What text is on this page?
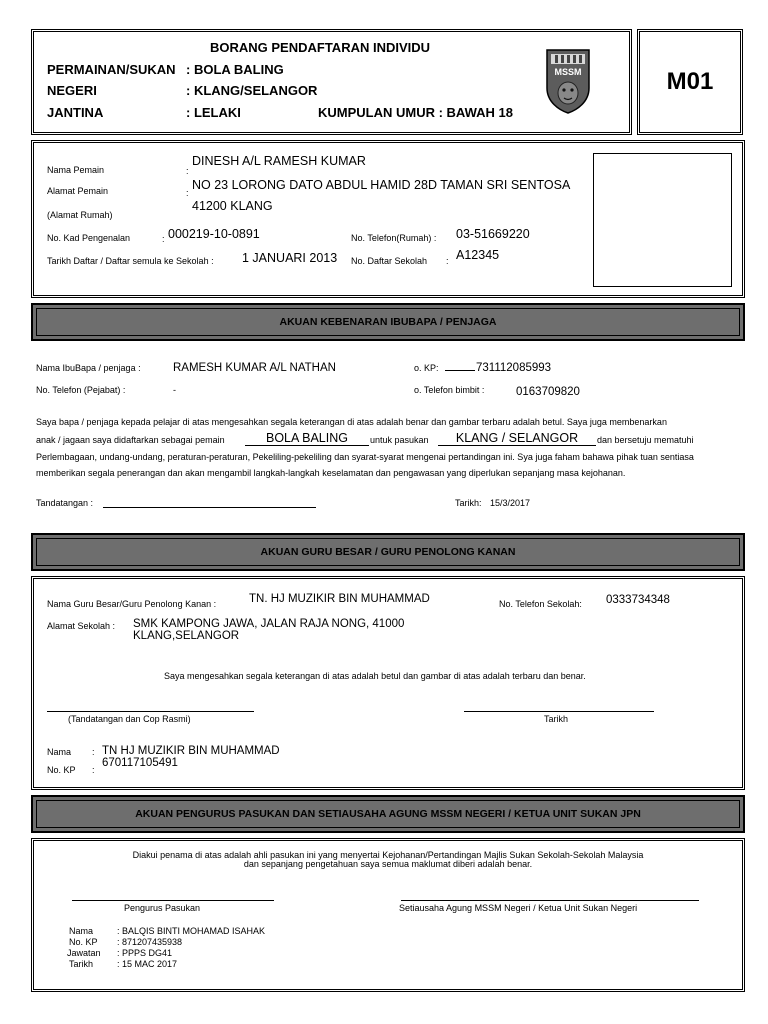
BORANG PENDAFTARAN INDIVIDU
PERMAINAN/SUKAN : BOLA BALING
NEGERI	: KLANG/SELANGOR
JANTINA	: LELAKI	KUMPULAN UMUR : BAWAH 18
MSSM	M01
Nama Pemain	:
DINESH A/L RAMESH KUMAR
Alamat Pemain	:
NO 23 LORONG DATO ABDUL HAMID 28D TAMAN SRI SENTOSA
41200 KLANG
(Alamat Rumah)
No. Kad Pengenalan	: 000219-10-0891	No. Telefon(Rumah) : 03-51669220
Tarikh Daftar / Daftar semula ke Sekolah : 1 JANUARI 2013 No. Daftar Sekolah : A12345
AKUAN KEBENARAN IBUBAPA / PENJAGA
Nama IbuBapa / penjaga :	RAMESH KUMAR A/L NATHAN	o. KP:	731112085993
No. Telefon (Pejabat) :	-	o. Telefon bimbit :	0163709820
Saya bapa / penjaga kepada pelajar di atas mengesahkan segala keterangan di atas adalah benar dan gambar terbaru adalah betul. Saya juga membenarkan
anak / jagaan saya didaftarkan sebagai pemain	BOLA BALING	untuk pasukan	KLANG / SELANGOR	dan bersetuju mematuhi
Perlembagaan, undang-undang, peraturan-peraturan, Pekeliling-pekeliling dan syarat-syarat mengenai pertandingan ini. Sya juga faham bahawa pihak tuan sentiasa
memberikan segala penerangan dan akan mengambil langkah-langkah keselamatan dan pengawasan yang diperlukan sepanjang masa kejohanan.
Tandatangan :	Tarikh: 15/3/2017
AKUAN GURU BESAR / GURU PENOLONG KANAN
Nama Guru Besar/Guru Penolong Kanan :	TN. HJ MUZIKIR BIN MUHAMMAD	No. Telefon Sekolah: 0333734348
Alamat Sekolah : SMK KAMPONG JAWA, JALAN RAJA NONG, 41000
KLANG,SELANGOR
Saya mengesahkan segala keterangan di atas adalah betul dan gambar di atas adalah terbaru dan benar.
(Tandatangan dan Cop Rasmi)	Tarikh
Nama : TN HJ MUZIKIR BIN MUHAMMAD
No. KP :
670117105491
AKUAN PENGURUS PASUKAN DAN SETIAUSAHA AGUNG MSSM NEGERI / KETUA UNIT SUKAN JPN
Diakui penama di atas adalah ahli pasukan ini yang menyertai Kejohanan/Pertandingan Majlis Sukan Sekolah-Sekolah Malaysia
dan sepanjang pengetahuan saya semua maklumat diberi adalah benar.
Pengurus Pasukan	Setiausaha Agung MSSM Negeri / Ketua Unit Sukan Negeri
Nama	: BALQIS BINTI MOHAMAD ISAHAK
No. KP : 871207435938
Jawatan : PPPS DG41
Tarikh	: 15 MAC 2017
